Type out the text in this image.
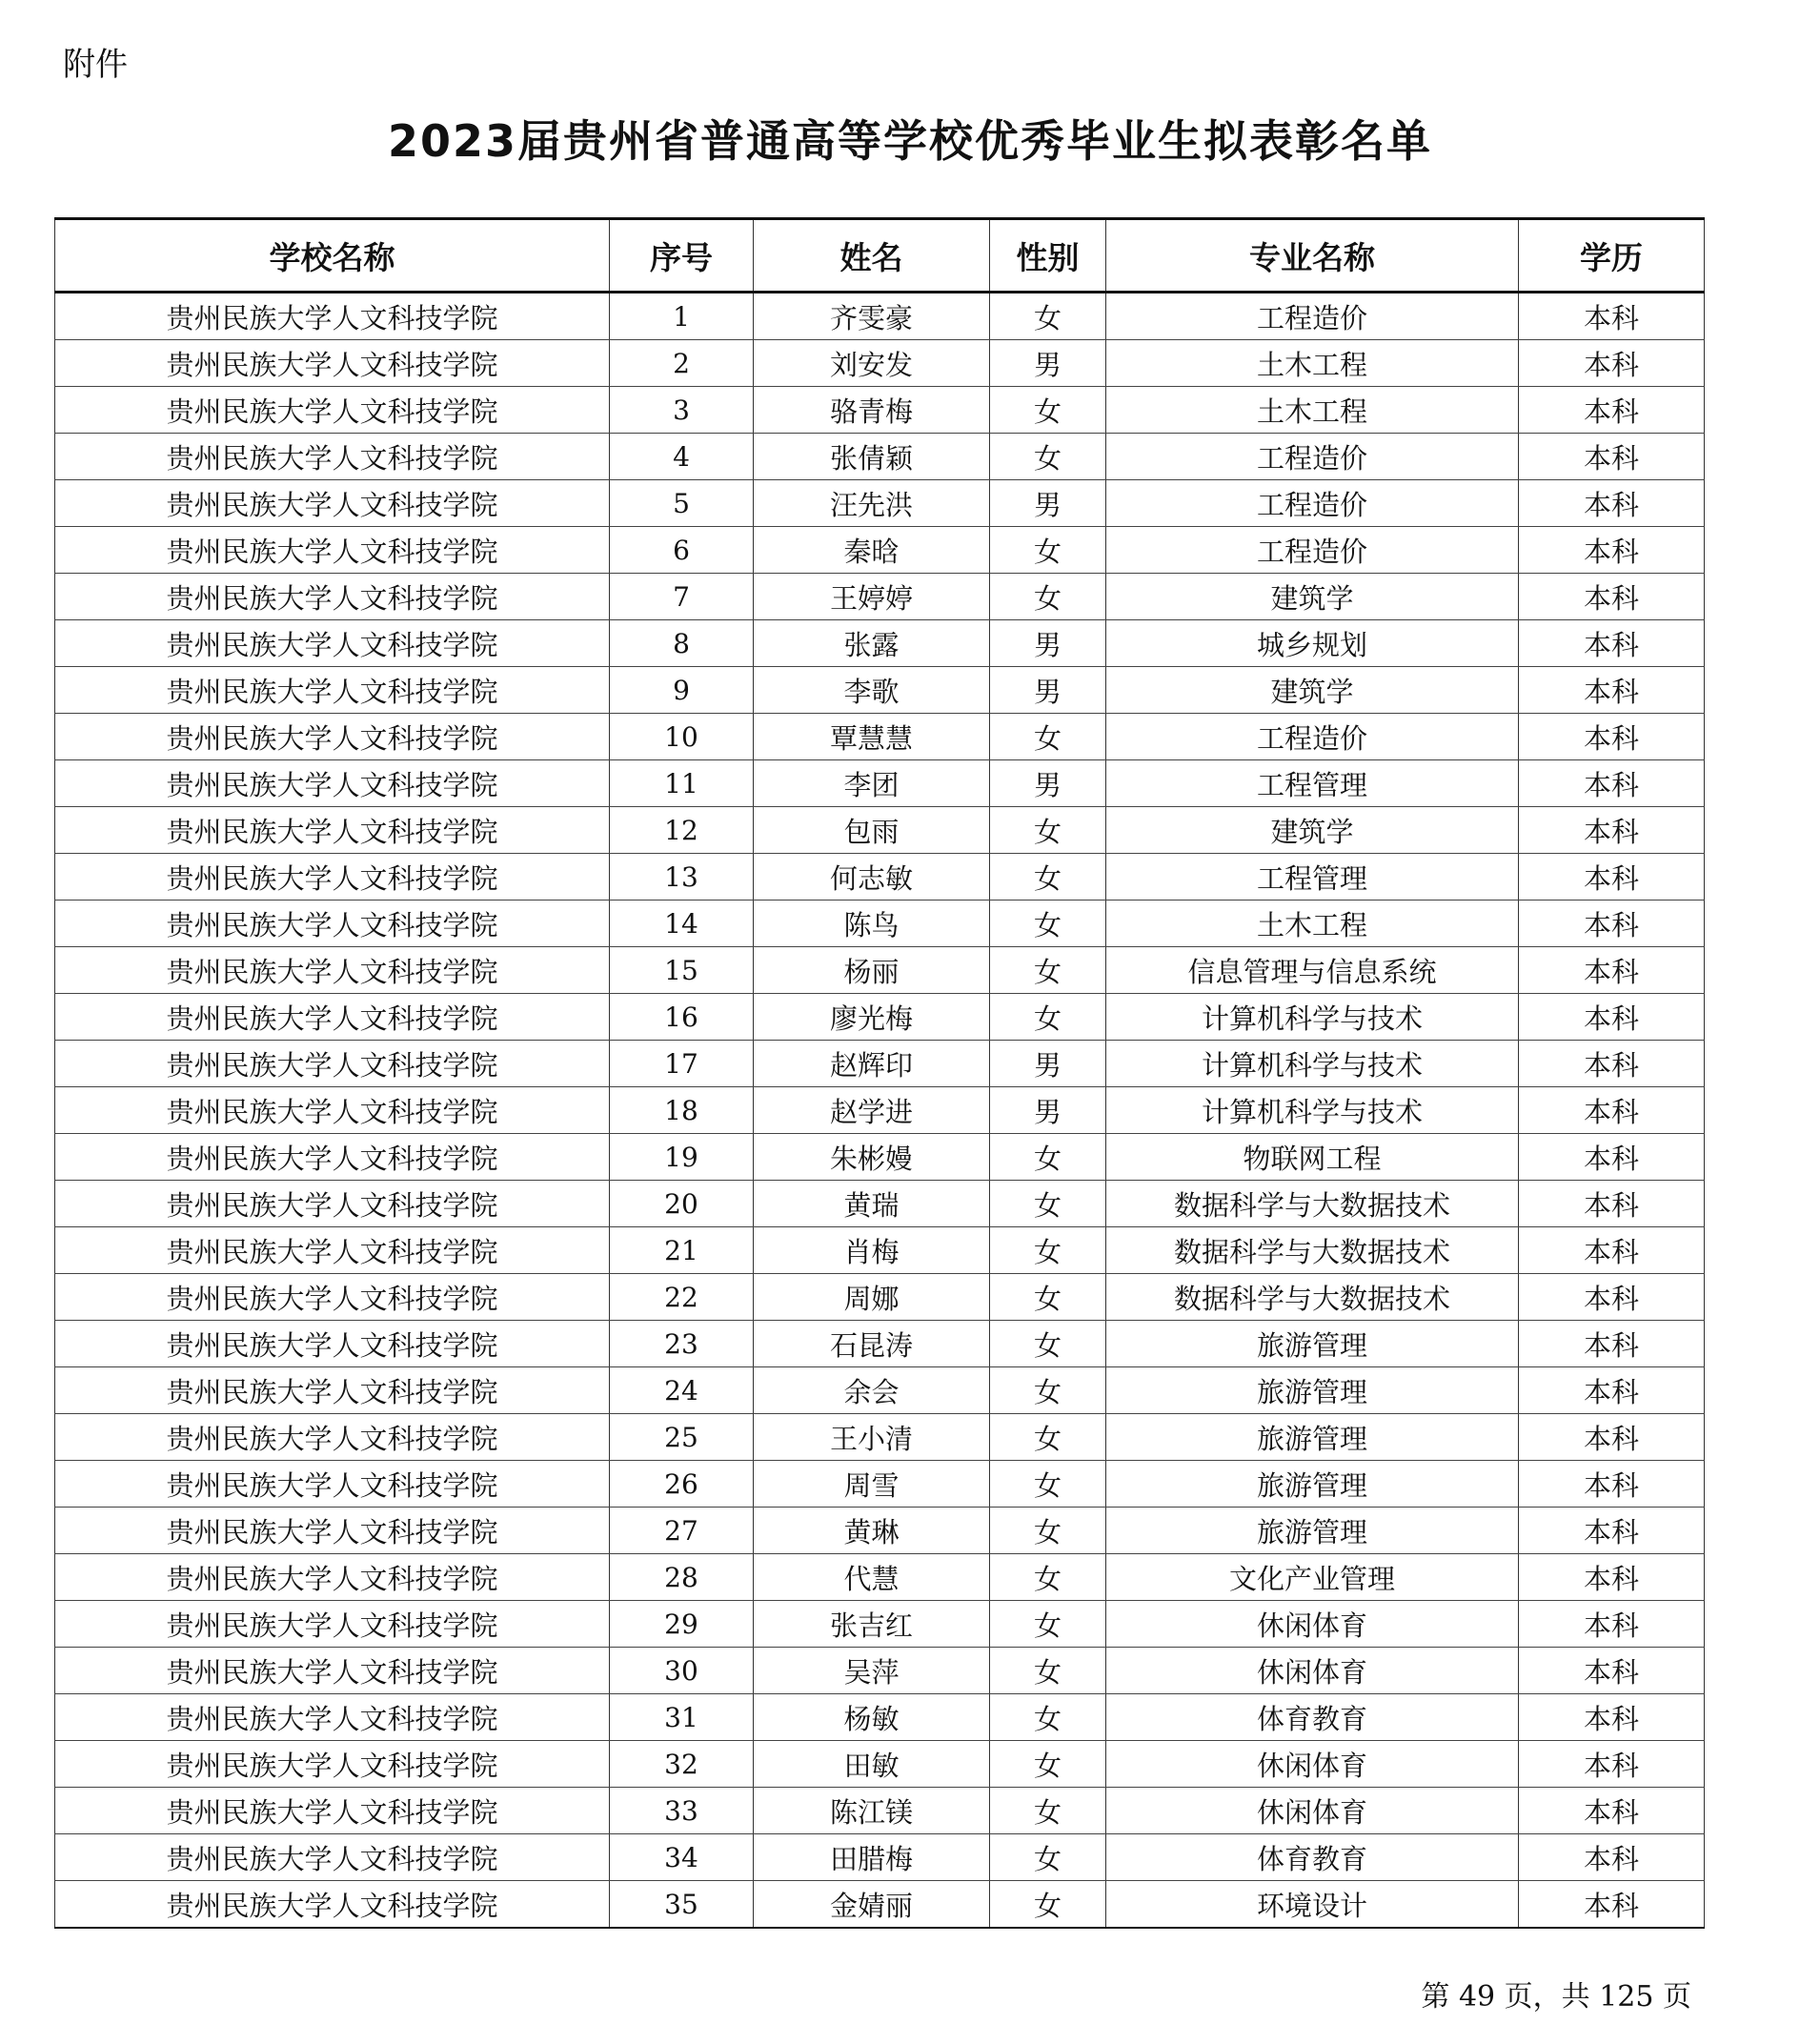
附件
2023届贵州省普通高等学校优秀毕业生拟表彰名单
学校名称	序号	姓名	性别	专业名称	学历
贵州民族大学人文科技学院	1	齐雯豪	女	工程造价	本科
贵州民族大学人文科技学院	2	刘安发	男	土木工程	本科
贵州民族大学人文科技学院	3	骆青梅	女	土木工程	本科
贵州民族大学人文科技学院	4	张倩颖	女	工程造价	本科
贵州民族大学人文科技学院	5	汪先洪	男	工程造价	本科
贵州民族大学人文科技学院	6	秦晗	女	工程造价	本科
贵州民族大学人文科技学院	7	王婷婷	女	建筑学	本科
贵州民族大学人文科技学院	8	张露	男	城乡规划	本科
贵州民族大学人文科技学院	9	李歌	男	建筑学	本科
贵州民族大学人文科技学院	10	覃慧慧	女	工程造价	本科
贵州民族大学人文科技学院	11	李团	男	工程管理	本科
贵州民族大学人文科技学院	12	包雨	女	建筑学	本科
贵州民族大学人文科技学院	13	何志敏	女	工程管理	本科
贵州民族大学人文科技学院	14	陈鸟	女	土木工程	本科
贵州民族大学人文科技学院	15	杨丽	女	信息管理与信息系统	本科
贵州民族大学人文科技学院	16	廖光梅	女	计算机科学与技术	本科
贵州民族大学人文科技学院	17	赵辉印	男	计算机科学与技术	本科
贵州民族大学人文科技学院	18	赵学进	男	计算机科学与技术	本科
贵州民族大学人文科技学院	19	朱彬嫚	女	物联网工程	本科
贵州民族大学人文科技学院	20	黄瑞	女	数据科学与大数据技术	本科
贵州民族大学人文科技学院	21	肖梅	女	数据科学与大数据技术	本科
贵州民族大学人文科技学院	22	周娜	女	数据科学与大数据技术	本科
贵州民族大学人文科技学院	23	石昆涛	女	旅游管理	本科
贵州民族大学人文科技学院	24	余会	女	旅游管理	本科
贵州民族大学人文科技学院	25	王小清	女	旅游管理	本科
贵州民族大学人文科技学院	26	周雪	女	旅游管理	本科
贵州民族大学人文科技学院	27	黄琳	女	旅游管理	本科
贵州民族大学人文科技学院	28	代慧	女	文化产业管理	本科
贵州民族大学人文科技学院	29	张吉红	女	休闲体育	本科
贵州民族大学人文科技学院	30	吴萍	女	休闲体育	本科
贵州民族大学人文科技学院	31	杨敏	女	体育教育	本科
贵州民族大学人文科技学院	32	田敏	女	休闲体育	本科
贵州民族大学人文科技学院	33	陈江镁	女	休闲体育	本科
贵州民族大学人文科技学院	34	田腊梅	女	体育教育	本科
贵州民族大学人文科技学院	35	金婧丽	女	环境设计	本科
第 49 页，共 125 页
